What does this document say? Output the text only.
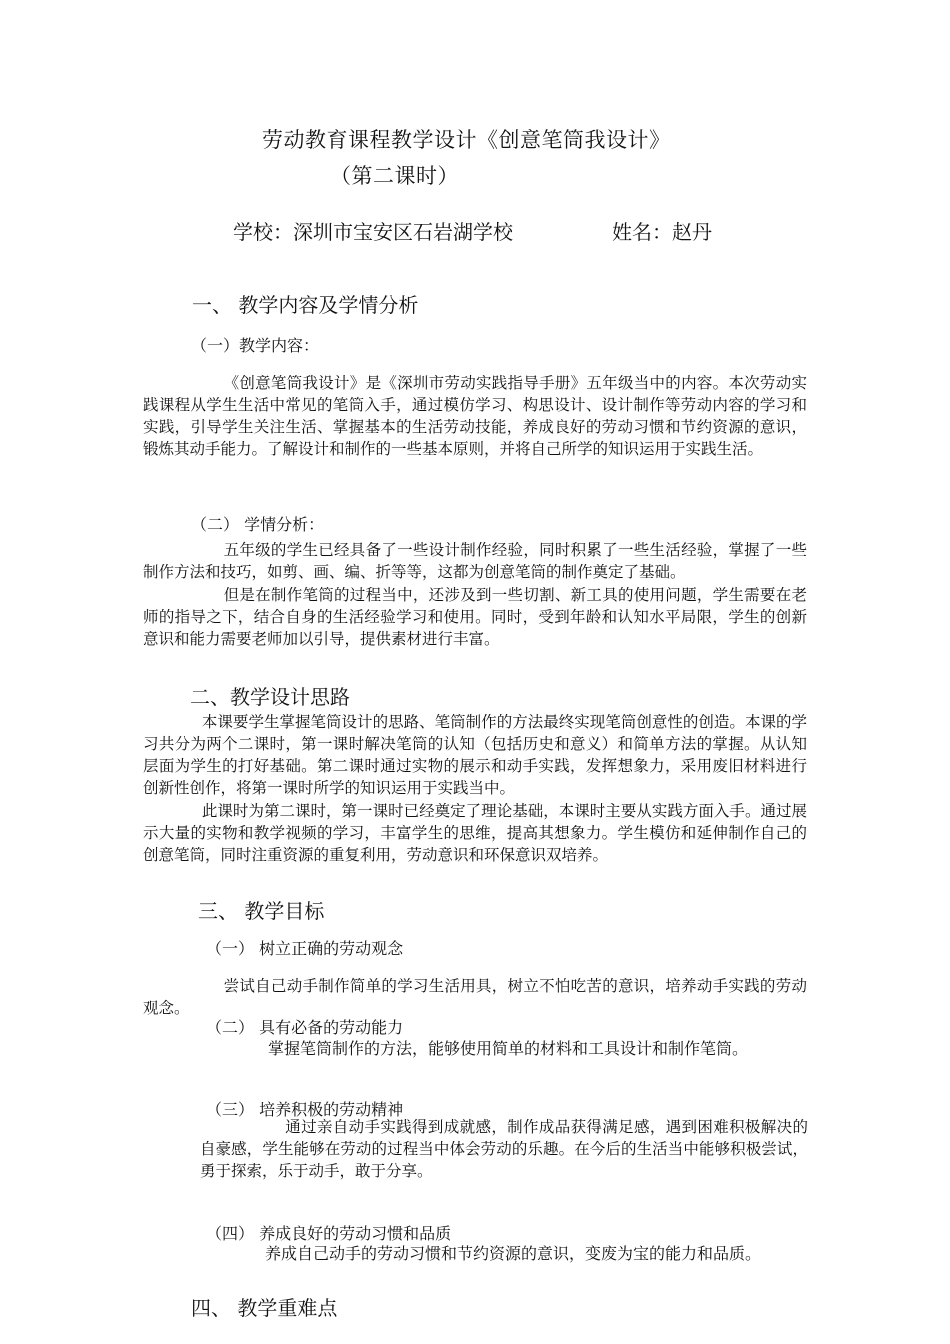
劳动教育课程教学设计《创意笔筒我设计》

（第二课时）

学校：深圳市宝安区石岩湖学校	姓名：赵丹

一、 教学内容及学情分析

（一）教学内容：

《创意笔筒我设计》是《深圳市劳动实践指导手册》五年级当中的内容。本次劳动实践课程从学生生活中常见的笔筒入手，通过模仿学习、构思设计、设计制作等劳动内容的学习和实践，引导学生关注生活、掌握基本的生活劳动技能，养成良好的劳动习惯和节约资源的意识，锻炼其动手能力。了解设计和制作的一些基本原则，并将自己所学的知识运用于实践生活。

（二） 学情分析：

五年级的学生已经具备了一些设计制作经验，同时积累了一些生活经验，掌握了一些制作方法和技巧，如剪、画、编、折等等，这都为创意笔筒的制作奠定了基础。

但是在制作笔筒的过程当中，还涉及到一些切割、新工具的使用问题，学生需要在老师的指导之下，结合自身的生活经验学习和使用。同时，受到年龄和认知水平局限，学生的创新意识和能力需要老师加以引导，提供素材进行丰富。

二、教学设计思路

本课要学生掌握笔筒设计的思路、笔筒制作的方法最终实现笔筒创意性的创造。本课的学习共分为两个二课时，第一课时解决笔筒的认知（包括历史和意义）和简单方法的掌握。从认知层面为学生的打好基础。第二课时通过实物的展示和动手实践，发挥想象力，采用废旧材料进行创新性创作，将第一课时所学的知识运用于实践当中。

此课时为第二课时，第一课时已经奠定了理论基础，本课时主要从实践方面入手。通过展示大量的实物和教学视频的学习，丰富学生的思维，提高其想象力。学生模仿和延伸制作自己的创意笔筒，同时注重资源的重复利用，劳动意识和环保意识双培养。

三、 教学目标

（一） 树立正确的劳动观念

尝试自己动手制作简单的学习生活用具，树立不怕吃苦的意识，培养动手实践的劳动观念。

（二） 具有必备的劳动能力

掌握笔筒制作的方法，能够使用简单的材料和工具设计和制作笔筒。

（三） 培养积极的劳动精神

通过亲自动手实践得到成就感，制作成品获得满足感，遇到困难积极解决的自豪感，学生能够在劳动的过程当中体会劳动的乐趣。在今后的生活当中能够积极尝试，勇于探索，乐于动手，敢于分享。

（四） 养成良好的劳动习惯和品质

养成自己动手的劳动习惯和节约资源的意识，变废为宝的能力和品质。

四、 教学重难点
